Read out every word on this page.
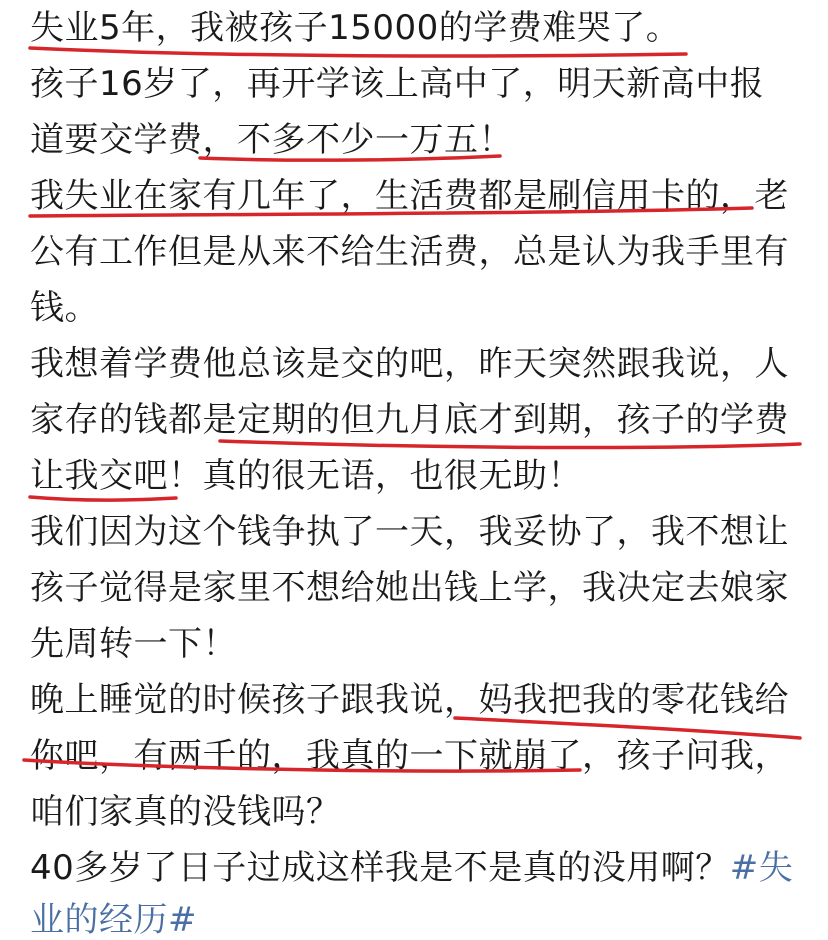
失业5年，我被孩子15000的学费难哭了。
孩子16岁了，再开学该上高中了，明天新高中报
道要交学费，不多不少一万五！
我失业在家有几年了，生活费都是刷信用卡的，老
公有工作但是从来不给生活费，总是认为我手里有
钱。
我想着学费他总该是交的吧，昨天突然跟我说，人
家存的钱都是定期的但九月底才到期，孩子的学费
让我交吧！真的很无语，也很无助！
我们因为这个钱争执了一天，我妥协了，我不想让
孩子觉得是家里不想给她出钱上学，我决定去娘家
先周转一下！
晚上睡觉的时候孩子跟我说，妈我把我的零花钱给
你吧，有两千的，我真的一下就崩了，孩子问我，
咱们家真的没钱吗？
40多岁了日子过成这样我是不是真的没用啊？#失
业的经历#
